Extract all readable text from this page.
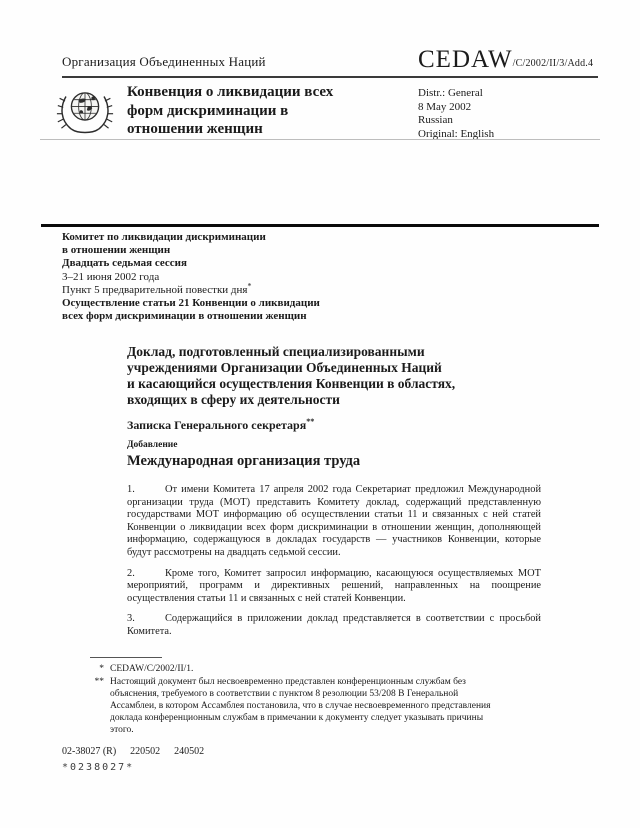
Организация Объединенных Наций	CEDAW/C/2002/II/3/Add.4
Конвенция о ликвидации всех
форм дискриминации в
отношении женщин
Distr.: General
8 May 2002
Russian
Original: English
Комитет по ликвидации дискриминации
в отношении женщин
Двадцать седьмая сессия
3–21 июня 2002 года
Пункт 5 предварительной повестки дня*
Осуществление статьи 21 Конвенции о ликвидации
всех форм дискриминации в отношении женщин
Доклад, подготовленный специализированными
учреждениями Организации Объединенных Наций
и касающийся осуществления Конвенции в областях,
входящих в сферу их деятельности
Записка Генерального секретаря**
Добавление
Международная организация труда

1.	От имени Комитета 17 апреля 2002 года Секретариат предложил Международной организации труда (МОТ) представить Комитету доклад, содержащий представленную государствами МОТ информацию об осуществлении статьи 11 и связанных с ней статей Конвенции о ликвидации всех форм дискриминации в отношении женщин, дополняющей информацию, содержащуюся в докладах государств — участников Конвенции, которые будут рассмотрены на двадцать седьмой сессии.

2.	Кроме того, Комитет запросил информацию, касающуюся осуществляемых МОТ мероприятий, программ и директивных решений, направленных на поощрение осуществления статьи 11 и связанных с ней статей Конвенции.

3.	Содержащийся в приложении доклад представляется в соответствии с просьбой Комитета.

* CEDAW/C/2002/II/1.
** Настоящий документ был несвоевременно представлен конференционным службам без объяснения, требуемого в соответствии с пунктом 8 резолюции 53/208 B Генеральной Ассамблеи, в котором Ассамблея постановила, что в случае несвоевременного представления доклада конференционным службам в примечании к документу следует указывать причины этого.
02-38027 (R) 220502 240502
*0238027*
